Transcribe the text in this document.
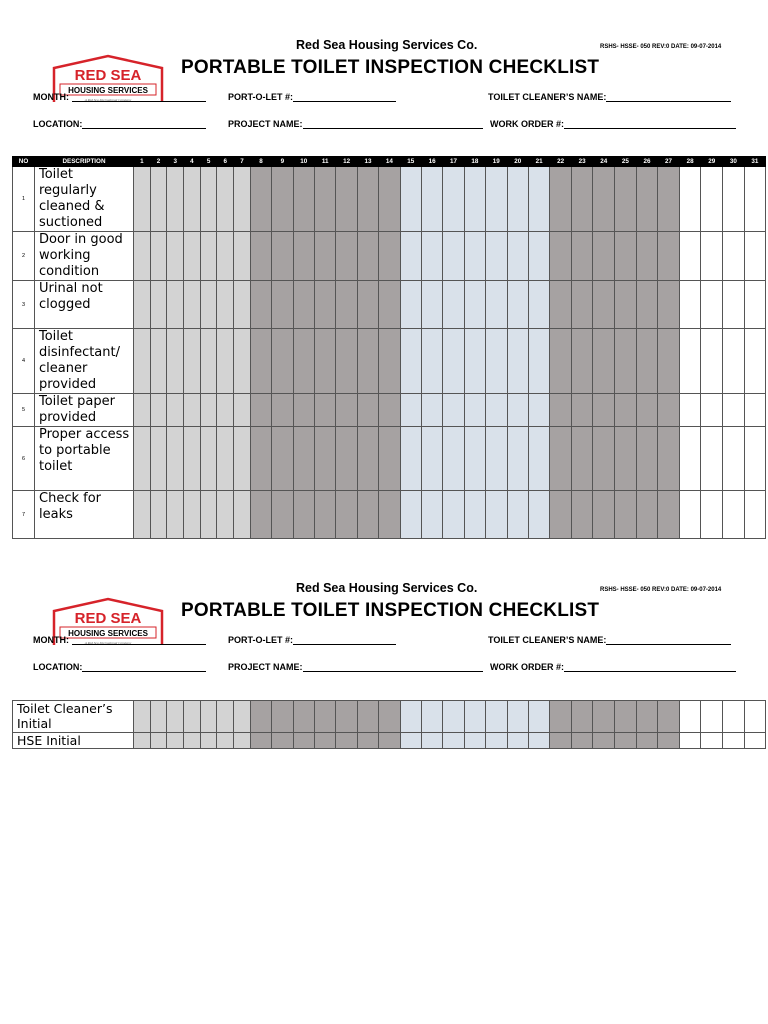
RED SEA
HOUSING SERVICES
A Red Sea International Company
Red Sea Housing Services Co.	RSHS- HSSE- 050 REV:0 DATE: 09-07-2014
PORTABLE TOILET INSPECTION CHECKLIST
MONTH:	PORT-O-LET #:	TOILET CLEANER’S NAME:
LOCATION:	PROJECT NAME:	WORK ORDER #:
NO	DESCRIPTION	1	2	3	4	5	6	7	8	9	10	11	12	13	14	15	16	17	18	19	20	21	22	23	24	25	26	27	28	29	30	31
1	Toilet regularly cleaned & suctioned																															
2	Door in good working condition																															
3	Urinal not clogged																															
4	Toilet disinfectant/ cleaner provided																															
5	Toilet paper provided																															
6	Proper access to portable toilet																															
7	Check for leaks																															
RED SEA
HOUSING SERVICES
A Red Sea International Company
Red Sea Housing Services Co.	RSHS- HSSE- 050 REV:0 DATE: 09-07-2014
PORTABLE TOILET INSPECTION CHECKLIST
MONTH:	PORT-O-LET #:	TOILET CLEANER’S NAME:
LOCATION:	PROJECT NAME:	WORK ORDER #:
Toilet Cleaner’s Initial																															
HSE Initial																															
